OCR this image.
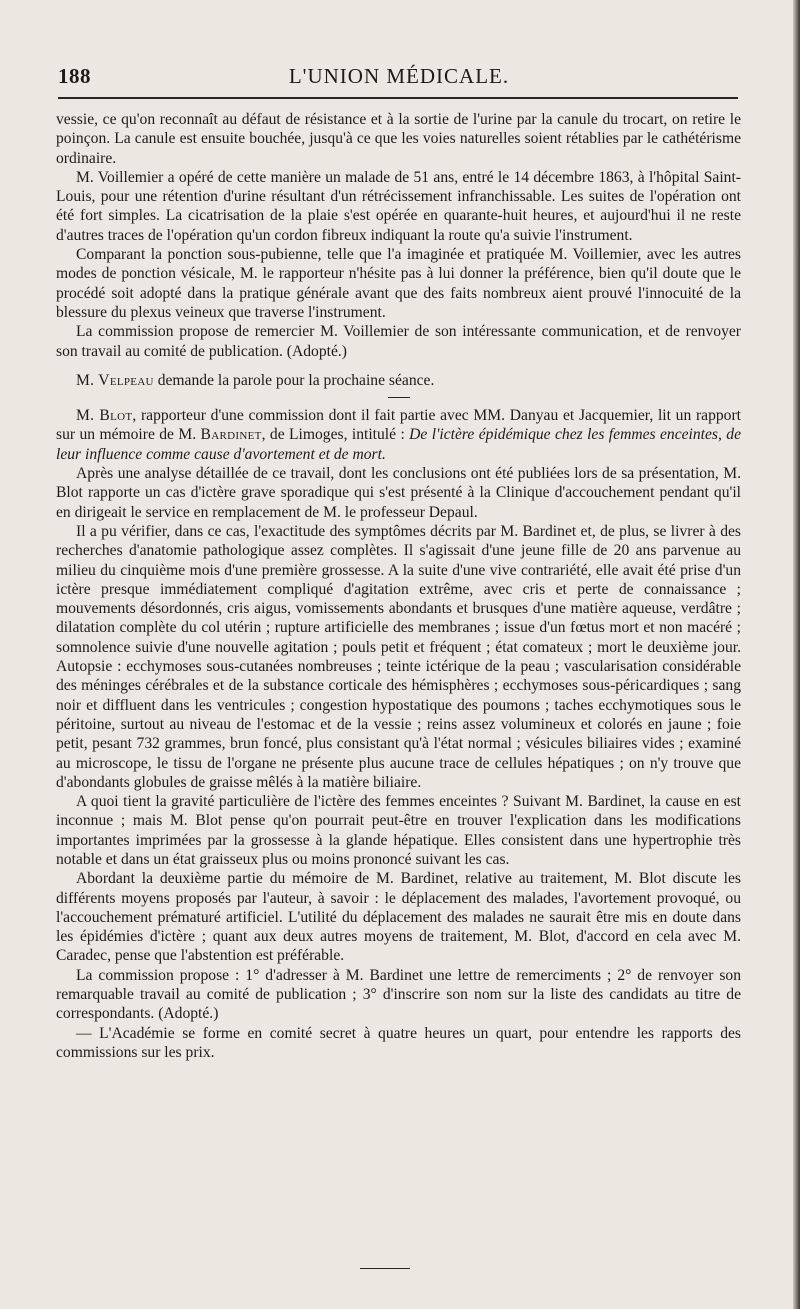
188	L'UNION MÉDICALE.

vessie, ce qu'on reconnaît au défaut de résistance et à la sortie de l'urine par la canule du trocart, on retire le poinçon. La canule est ensuite bouchée, jusqu'à ce que les voies naturelles soient rétablies par le cathétérisme ordinaire.

M. Voillemier a opéré de cette manière un malade de 51 ans, entré le 14 décembre 1863, à l'hôpital Saint-Louis, pour une rétention d'urine résultant d'un rétrécissement infranchissable. Les suites de l'opération ont été fort simples. La cicatrisation de la plaie s'est opérée en quarante-huit heures, et aujourd'hui il ne reste d'autres traces de l'opération qu'un cordon fibreux indiquant la route qu'a suivie l'instrument.

Comparant la ponction sous-pubienne, telle que l'a imaginée et pratiquée M. Voillemier, avec les autres modes de ponction vésicale, M. le rapporteur n'hésite pas à lui donner la préférence, bien qu'il doute que le procédé soit adopté dans la pratique générale avant que des faits nombreux aient prouvé l'innocuité de la blessure du plexus veineux que traverse l'instrument.

La commission propose de remercier M. Voillemier de son intéressante communication, et de renvoyer son travail au comité de publication. (Adopté.)

M. Velpeau demande la parole pour la prochaine séance.

M. Blot, rapporteur d'une commission dont il fait partie avec MM. Danyau et Jacquemier, lit un rapport sur un mémoire de M. Bardinet, de Limoges, intitulé : De l'ictère épidémique chez les femmes enceintes, de leur influence comme cause d'avortement et de mort.

Après une analyse détaillée de ce travail, dont les conclusions ont été publiées lors de sa présentation, M. Blot rapporte un cas d'ictère grave sporadique qui s'est présenté à la Clinique d'accouchement pendant qu'il en dirigeait le service en remplacement de M. le professeur Depaul.

Il a pu vérifier, dans ce cas, l'exactitude des symptômes décrits par M. Bardinet et, de plus, se livrer à des recherches d'anatomie pathologique assez complètes. Il s'agissait d'une jeune fille de 20 ans parvenue au milieu du cinquième mois d'une première grossesse. A la suite d'une vive contrariété, elle avait été prise d'un ictère presque immédiatement compliqué d'agitation extrême, avec cris et perte de connaissance ; mouvements désordonnés, cris aigus, vomissements abondants et brusques d'une matière aqueuse, verdâtre ; dilatation complète du col utérin ; rupture artificielle des membranes ; issue d'un fœtus mort et non macéré ; somnolence suivie d'une nouvelle agitation ; pouls petit et fréquent ; état comateux ; mort le deuxième jour. Autopsie : ecchymoses sous-cutanées nombreuses ; teinte ictérique de la peau ; vascularisation considérable des méninges cérébrales et de la substance corticale des hémisphères ; ecchymoses sous-péricardiques ; sang noir et diffluent dans les ventricules ; congestion hypostatique des poumons ; taches ecchymotiques sous le péritoine, surtout au niveau de l'estomac et de la vessie ; reins assez volumineux et colorés en jaune ; foie petit, pesant 732 grammes, brun foncé, plus consistant qu'à l'état normal ; vésicules biliaires vides ; examiné au microscope, le tissu de l'organe ne présente plus aucune trace de cellules hépatiques ; on n'y trouve que d'abondants globules de graisse mêlés à la matière biliaire.

A quoi tient la gravité particulière de l'ictère des femmes enceintes ? Suivant M. Bardinet, la cause en est inconnue ; mais M. Blot pense qu'on pourrait peut-être en trouver l'explication dans les modifications importantes imprimées par la grossesse à la glande hépatique. Elles consistent dans une hypertrophie très notable et dans un état graisseux plus ou moins prononcé suivant les cas.

Abordant la deuxième partie du mémoire de M. Bardinet, relative au traitement, M. Blot discute les différents moyens proposés par l'auteur, à savoir : le déplacement des malades, l'avortement provoqué, ou l'accouchement prématuré artificiel. L'utilité du déplacement des malades ne saurait être mis en doute dans les épidémies d'ictère ; quant aux deux autres moyens de traitement, M. Blot, d'accord en cela avec M. Caradec, pense que l'abstention est préférable.

La commission propose : 1° d'adresser à M. Bardinet une lettre de remerciments ; 2° de renvoyer son remarquable travail au comité de publication ; 3° d'inscrire son nom sur la liste des candidats au titre de correspondants. (Adopté.)

— L'Académie se forme en comité secret à quatre heures un quart, pour entendre les rapports des commissions sur les prix.
